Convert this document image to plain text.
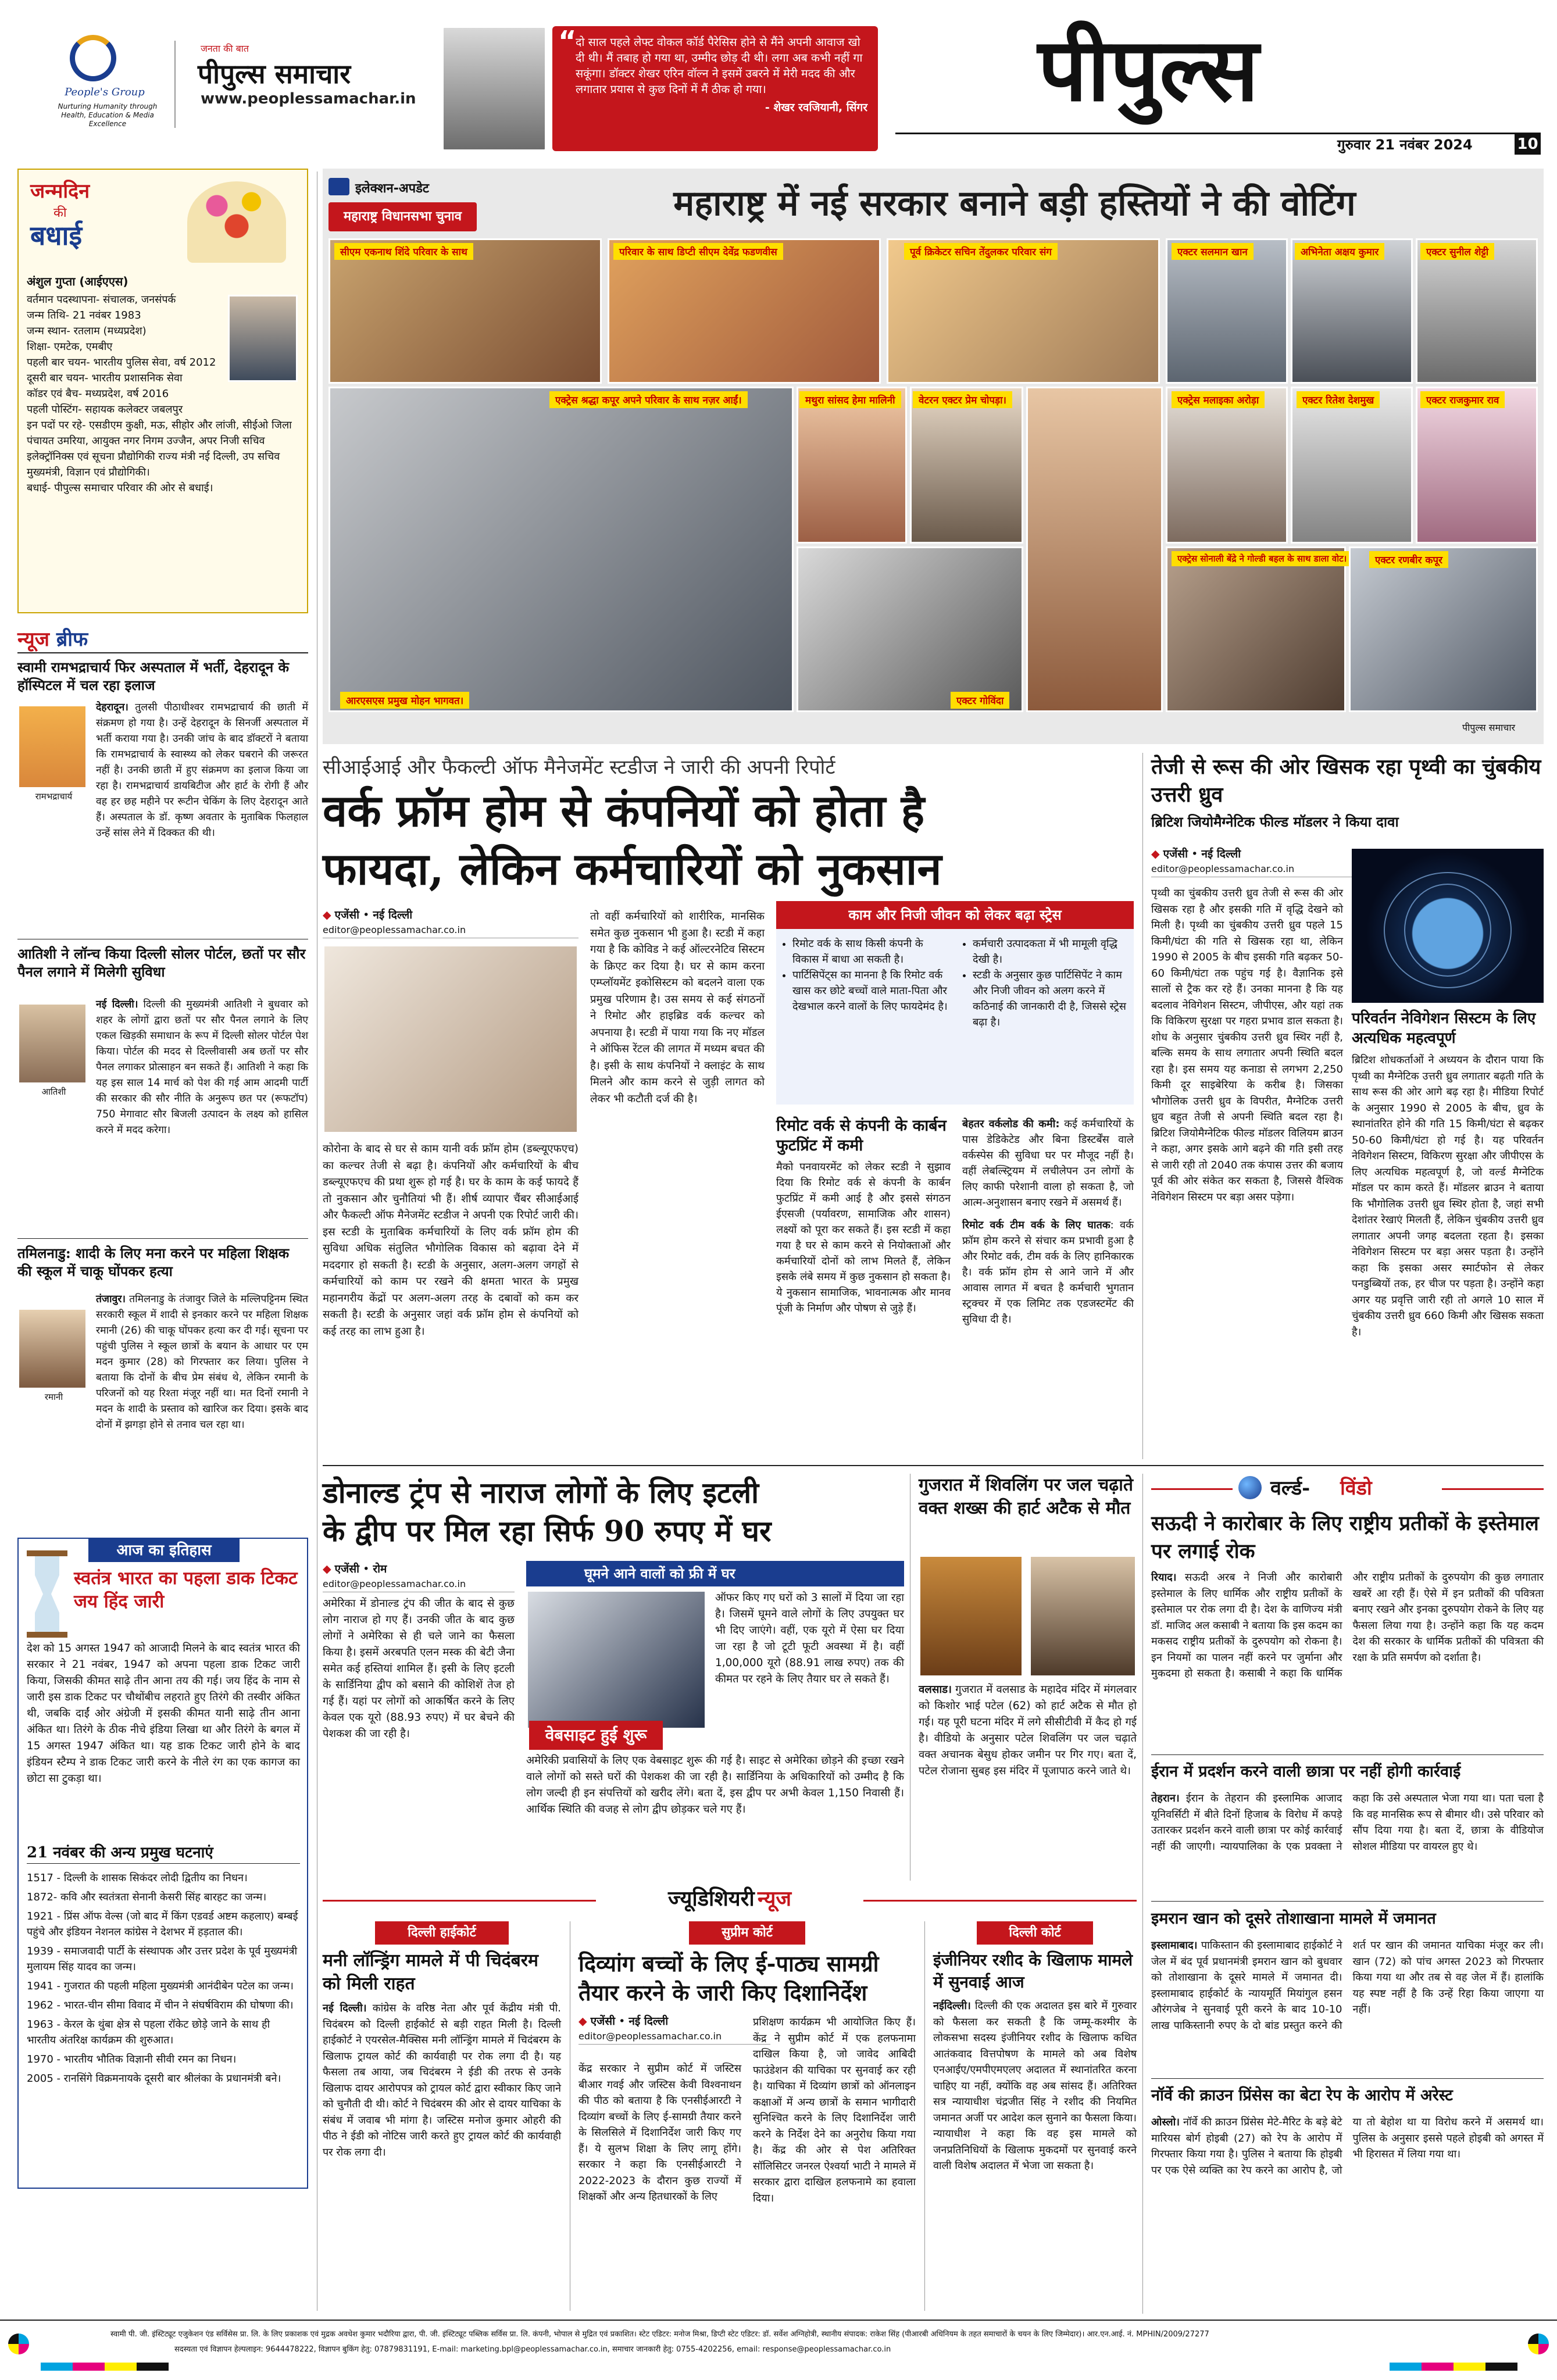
People's Group
Nurturing Humanity through Health, Education & Media Excellence
पीपुल्स समाचार
जनता की बात
www.peoplessamachar.in
“
दो साल पहले लेफ्ट वोकल कॉर्ड पैरेसिस होने से मैंने अपनी आवाज खो दी थी। मैं तबाह हो गया था, उम्मीद छोड़ दी थी। लगा अब कभी नहीं गा सकूंगा। डॉक्टर शेखर एरिन वॉल्न ने इसमें उबरने में मेरी मदद की और लगातार प्रयास से कुछ दिनों में मैं ठीक हो गया।
- शेखर रवजियानी, सिंगर	पीपुल्स
गुरुवार 21 नवंबर 2024	10
जन्मदिन
की
बधाई
अंशुल गुप्ता (आईएएस)
वर्तमान पदस्थापना- संचालक, जनसंपर्क
जन्म तिथि- 21 नवंबर 1983
जन्म स्थान- रतलाम (मध्यप्रदेश)
शिक्षा- एमटेक, एमबीए
पहली बार चयन- भारतीय पुलिस सेवा, वर्ष 2012
दूसरी बार चयन- भारतीय प्रशासनिक सेवा
कॉडर एवं बैच- मध्यप्रदेश, वर्ष 2016
पहली पोस्टिंग- सहायक कलेक्टर जबलपुर
इन पदों पर रहे- एसडीएम कुक्षी, मऊ, सीहोर और लांजी, सीईओ जिला पंचायत उमरिया, आयुक्त नगर निगम उज्जैन, अपर निजी सचिव इलेक्ट्रॉनिक्स एवं सूचना प्रौद्योगिकी राज्य मंत्री नई दिल्ली, उप सचिव मुख्यमंत्री, विज्ञान एवं प्रौद्योगिकी।
बधाई- पीपुल्स समाचार परिवार की ओर से बधाई।
न्यूज ब्रीफ
स्वामी रामभद्राचार्य फिर अस्पताल में भर्ती, देहरादून के हॉस्पिटल में चल रहा इलाज
रामभद्राचार्य
देहरादून। तुलसी पीठाधीश्वर रामभद्राचार्य की छाती में संक्रमण हो गया है। उन्हें देहरादून के सिनर्जी अस्पताल में भर्ती कराया गया है। उनकी जांच के बाद डॉक्टरों ने बताया कि रामभद्राचार्य के स्वास्थ्य को लेकर घबराने की जरूरत नहीं है। उनकी छाती में हुए संक्रमण का इलाज किया जा रहा है। रामभद्राचार्य डायबिटीज और हार्ट के रोगी हैं और वह हर छह महीने पर रूटीन चेकिंग के लिए देहरादून आते हैं। अस्पताल के डॉ. कृष्ण अवतार के मुताबिक फिलहाल उन्हें सांस लेने में दिक्कत की थी।
आतिशी ने लॉन्च किया दिल्ली सोलर पोर्टल, छतों पर सौर पैनल लगाने में मिलेगी सुविधा
आतिशी
नई दिल्ली। दिल्ली की मुख्यमंत्री आतिशी ने बुधवार को शहर के लोगों द्वारा छतों पर सौर पैनल लगाने के लिए एकल खिड़की समाधान के रूप में दिल्ली सोलर पोर्टल पेश किया। पोर्टल की मदद से दिल्लीवासी अब छतों पर सौर पैनल लगाकर प्रोत्साहन बन सकते हैं। आतिशी ने कहा कि यह इस साल 14 मार्च को पेश की गई आम आदमी पार्टी की सरकार की सौर नीति के अनुरूप छत पर (रूफटॉप) 750 मेगावाट सौर बिजली उत्पादन के लक्ष्य को हासिल करने में मदद करेगा।
तमिलनाडु: शादी के लिए मना करने पर महिला शिक्षक की स्कूल में चाकू घोंपकर हत्या
रमानी
तंजावुर। तमिलनाडु के तंजावुर जिले के मल्लिपट्टिनम स्थित सरकारी स्कूल में शादी से इनकार करने पर महिला शिक्षक रमानी (26) की चाकू घोंपकर हत्या कर दी गई। सूचना पर पहुंची पुलिस ने स्कूल छात्रों के बयान के आधार पर एम मदन कुमार (28) को गिरफ्तार कर लिया। पुलिस ने बताया कि दोनों के बीच प्रेम संबंध थे, लेकिन रमानी के परिजनों को यह रिश्ता मंजूर नहीं था। मत दिनों रमानी ने मदन के शादी के प्रस्ताव को खारिज कर दिया। इसके बाद दोनों में झगड़ा होने से तनाव चल रहा था।
आज का इतिहास
स्वतंत्र भारत का पहला डाक टिकट जय हिंद जारी
देश को 15 अगस्त 1947 को आजादी मिलने के बाद स्वतंत्र भारत की सरकार ने 21 नवंबर, 1947 को अपना पहला डाक टिकट जारी किया, जिसकी कीमत साढ़े तीन आना तय की गई। जय हिंद के नाम से जारी इस डाक टिकट पर चौथोंबीच लहराते हुए तिरंगे की तस्वीर अंकित थी, जबकि दाईं ओर अंग्रेजी में इसकी कीमत यानी साढ़े तीन आना अंकित था। तिरंगे के ठीक नीचे इंडिया लिखा था और तिरंगे के बगल में 15 अगस्त 1947 अंकित था। यह डाक टिकट जारी होने के बाद इंडियन स्टैम्प ने डाक टिकट जारी करने के नीले रंग का एक कागज का छोटा सा टुकड़ा था।
21 नवंबर की अन्य प्रमुख घटनाएं
1517 - दिल्ली के शासक सिकंदर लोदी द्वितीय का निधन।
1872- कवि और स्वतंत्रता सेनानी केसरी सिंह बारहट का जन्म।
1921 - प्रिंस ऑफ वेल्स (जो बाद में किंग एडवर्ड अष्टम कहलाए) बम्बई पहुंचे और इंडियन नेशनल कांग्रेस ने देशभर में हड़ताल की।
1939 - समाजवादी पार्टी के संस्थापक और उत्तर प्रदेश के पूर्व मुख्यमंत्री मुलायम सिंह यादव का जन्म।
1941 - गुजरात की पहली महिला मुख्यमंत्री आनंदीबेन पटेल का जन्म।
1962 - भारत-चीन सीमा विवाद में चीन ने संघर्षविराम की घोषणा की।
1963 - केरल के थुंबा क्षेत्र से पहला रॉकेट छोड़े जाने के साथ ही भारतीय अंतरिक्ष कार्यक्रम की शुरुआत।
1970 - भारतीय भौतिक विज्ञानी सीवी रमन का निधन।
2005 - रानसिंगे विक्रमनायके दूसरी बार श्रीलंका के प्रधानमंत्री बने।
इलेक्शन-अपडेट
महाराष्ट्र विधानसभा चुनाव	महाराष्ट्र में नई सरकार बनाने बड़ी हस्तियों ने की वोटिंग
सीएम एकनाथ शिंदे परिवार के साथ	परिवार के साथ डिप्टी सीएम देवेंद्र फडणवीस	पूर्व क्रिकेटर सचिन तेंदुलकर परिवार संग	एक्टर सलमान खान	अभिनेता अक्षय कुमार	एक्टर सुनील शेट्टी
एक्ट्रेस मलाइका अरोड़ा	एक्टर रितेश देशमुख	एक्टर राजकुमार राव
एक्ट्रेस श्रद्धा कपूर अपने परिवार के साथ नज़र आईं।
आरएसएस प्रमुख मोहन भागवत।
मथुरा सांसद हेमा मालिनी	वेटरन एक्टर प्रेम चोपड़ा।
एक्टर गोविंदा
एक्ट्रेस सोनाली बेंद्रे ने गोल्डी बहल के साथ डाला वोट।	एक्टर रणबीर कपूर
पीपुल्स समाचार
सीआईआई और फैकल्टी ऑफ मैनेजमेंट स्टडीज ने जारी की अपनी रिपोर्ट
वर्क फ्रॉम होम से कंपनियों को होता है
फायदा, लेकिन कर्मचारियों को नुकसान
◆ एजेंसी • नई दिल्ली
editor@peoplessamachar.co.in

कोरोना के बाद से घर से काम यानी वर्क फ्रॉम होम (डब्ल्यूएफएच) का कल्चर तेजी से बढ़ा है। कंपनियों और कर्मचारियों के बीच डब्ल्यूएफएच की प्रथा शुरू हो गई है। घर के काम के कई फायदे हैं तो नुकसान और चुनौतियां भी हैं। शीर्ष व्यापार चैंबर सीआईआई और फैकल्टी ऑफ मैनेजमेंट स्टडीज ने अपनी एक रिपोर्ट जारी की। इस स्टडी के मुताबिक कर्मचारियों के लिए वर्क फ्रॉम होम की सुविधा अधिक संतुलित भौगोलिक विकास को बढ़ावा देने में मददगार हो सकती है। स्टडी के अनुसार, अलग-अलग जगहों से कर्मचारियों को काम पर रखने की क्षमता भारत के प्रमुख महानगरीय केंद्रों पर अलग-अलग तरह के दबावों को कम कर सकती है। स्टडी के अनुसार जहां वर्क फ्रॉम होम से कंपनियों को कई तरह का लाभ हुआ है।

तो वहीं कर्मचारियों को शारीरिक, मानसिक समेत कुछ नुकसान भी हुआ है। स्टडी में कहा गया है कि कोविड ने कई ऑल्टरनेटिव सिस्टम के क्रिएट कर दिया है। घर से काम करना एम्प्लॉयमेंट इकोसिस्टम को बदलने वाला एक प्रमुख परिणाम है। उस समय से कई संगठनों ने रिमोट और हाइब्रिड वर्क कल्चर को अपनाया है। स्टडी में पाया गया कि नए मॉडल ने ऑफिस रेंटल की लागत में मध्यम बचत की है। इसी के साथ कंपनियों ने क्लाइंट के साथ मिलने और काम करने से जुड़ी लागत को लेकर भी कटौती दर्ज की है।

काम और निजी जीवन को लेकर बढ़ा स्ट्रेस
• रिमोट वर्क के साथ किसी कंपनी के विकास में बाधा आ सकती है।
• पार्टिसिपेंट्स का मानना है कि रिमोट वर्क खास कर छोटे बच्चों वाले माता-पिता और देखभाल करने वालों के लिए फायदेमंद है।
• कर्मचारी उत्पादकता में भी मामूली वृद्धि देखी है।
• स्टडी के अनुसार कुछ पार्टिसिपेंट ने काम और निजी जीवन को अलग करने में कठिनाई की जानकारी दी है, जिससे स्ट्रेस बढ़ा है।
रिमोट वर्क से कंपनी के कार्बन फुटप्रिंट में कमी

मैको पनवायरमेंट को लेकर स्टडी ने सुझाव दिया कि रिमोट वर्क से कंपनी के कार्बन फुटप्रिंट में कमी आई है और इससे संगठन ईएसजी (पर्यावरण, सामाजिक और शासन) लक्ष्यों को पूरा कर सकते हैं। इस स्टडी में कहा गया है घर से काम करने से नियोक्ताओं और कर्मचारियों दोनों को लाभ मिलते हैं, लेकिन इसके लंबे समय में कुछ नुकसान हो सकता है। ये नुकसान सामाजिक, भावनात्मक और मानव पूंजी के निर्माण और पोषण से जुड़े हैं।

बेहतर वर्कलोड की कमी: कई कर्मचारियों के पास डेडिकेटेड और बिना डिस्टर्बेंस वाले वर्कस्पेस की सुविधा घर पर मौजूद नहीं है। वहीं लेबल्स्ट्रियम में लचीलेपन उन लोगों के लिए काफी परेशानी वाला हो सकता है, जो आत्म-अनुशासन बनाए रखने में असमर्थ हैं।

रिमोट वर्क टीम वर्क के लिए घातक: वर्क फ्रॉम होम करने से संचार कम प्रभावी हुआ है और रिमोट वर्क, टीम वर्क के लिए हानिकारक है। वर्क फ्रॉम होम से आने जाने में और आवास लागत में बचत है कर्मचारी भुगतान स्ट्रक्चर में एक लिमिट तक एडजस्टमेंट की सुविधा दी है।

तेजी से रूस की ओर खिसक रहा पृथ्वी का चुंबकीय उत्तरी ध्रुव
ब्रिटिश जियोमैग्नेटिक फील्ड मॉडलर ने किया दावा
◆ एजेंसी • नई दिल्ली
editor@peoplessamachar.co.in

पृथ्वी का चुंबकीय उत्तरी ध्रुव तेजी से रूस की ओर खिसक रहा है और इसकी गति में वृद्धि देखने को मिली है। पृथ्वी का चुंबकीय उत्तरी ध्रुव पहले 15 किमी/घंटा की गति से खिसक रहा था, लेकिन 1990 से 2005 के बीच इसकी गति बढ़कर 50-60 किमी/घंटा तक पहुंच गई है। वैज्ञानिक इसे सालों से ट्रैक कर रहे हैं। उनका मानना है कि यह बदलाव नेविगेशन सिस्टम, जीपीएस, और यहां तक कि विकिरण सुरक्षा पर गहरा प्रभाव डाल सकता है। शोध के अनुसार चुंबकीय उत्तरी ध्रुव स्थिर नहीं है, बल्कि समय के साथ लगातार अपनी स्थिति बदल रहा है। इस समय यह कनाडा से लगभग 2,250 किमी दूर साइबेरिया के करीब है। जिसका भौगोलिक उत्तरी ध्रुव के विपरीत, मैग्नेटिक उत्तरी ध्रुव बहुत तेजी से अपनी स्थिति बदल रहा है। ब्रिटिश जियोमैग्नेटिक फील्ड मॉडलर विलियम ब्राउन ने कहा, अगर इसके आगे बढ़ने की गति इसी तरह से जारी रही तो 2040 तक कंपास उत्तर की बजाय पूर्व की ओर संकेत कर सकता है, जिससे वैश्विक नेविगेशन सिस्टम पर बड़ा असर पड़ेगा।

परिवर्तन नेविगेशन सिस्टम के लिए अत्यधिक महत्वपूर्ण

ब्रिटिश शोधकर्ताओं ने अध्ययन के दौरान पाया कि पृथ्वी का मैग्नेटिक उत्तरी ध्रुव लगातार बढ़ती गति के साथ रूस की ओर आगे बढ़ रहा है। मीडिया रिपोर्ट के अनुसार 1990 से 2005 के बीच, ध्रुव के स्थानांतरित होने की गति 15 किमी/घंटा से बढ़कर 50-60 किमी/घंटा हो गई है। यह परिवर्तन नेविगेशन सिस्टम, विकिरण सुरक्षा और जीपीएस के लिए अत्यधिक महत्वपूर्ण है, जो वर्ल्ड मैग्नेटिक मॉडल पर काम करते हैं। मॉडलर ब्राउन ने बताया कि भौगोलिक उत्तरी ध्रुव स्थिर होता है, जहां सभी देशांतर रेखाएं मिलती हैं, लेकिन चुंबकीय उत्तरी ध्रुव लगातार अपनी जगह बदलता रहता है। इसका नेविगेशन सिस्टम पर बड़ा असर पड़ता है। उन्होंने कहा कि इसका असर स्मार्टफोन से लेकर पनडुब्बियों तक, हर चीज पर पड़ता है। उन्होंने कहा अगर यह प्रवृत्ति जारी रही तो अगले 10 साल में चुंबकीय उत्तरी ध्रुव 660 किमी और खिसक सकता है।

डोनाल्ड ट्रंप से नाराज लोगों के लिए इटली
के द्वीप पर मिल रहा सिर्फ 90 रुपए में घर
◆ एजेंसी • रोम
editor@peoplessamachar.co.in

अमेरिका में डोनाल्ड ट्रंप की जीत के बाद से कुछ लोग नाराज हो गए हैं। उनकी जीत के बाद कुछ लोगों ने अमेरिका से ही चले जाने का फैसला किया है। इसमें अरबपति एलन मस्क की बेटी जैना समेत कई हस्तियां शामिल हैं। इसी के लिए इटली के सार्डिनिया द्वीप को बसाने की कोशिशें तेज हो गई हैं। यहां पर लोगों को आकर्षित करने के लिए केवल एक यूरो (88.93 रुपए) में घर बेचने की पेशकश की जा रही है।

घूमने आने वालों को फ्री में घर

ऑफर किए गए घरों को 3 सालों में दिया जा रहा है। जिसमें घूमने वाले लोगों के लिए उपयुक्त घर भी दिए जाएंगे। वहीं, एक यूरो में ऐसा घर दिया जा रहा है जो टूटी फूटी अवस्था में है। वहीं 1,00,000 यूरो (88.91 लाख रुपए) तक की कीमत पर रहने के लिए तैयार घर ले सकते हैं।

वेबसाइट हुई शुरू

अमेरिकी प्रवासियों के लिए एक वेबसाइट शुरू की गई है। साइट से अमेरिका छोड़ने की इच्छा रखने वाले लोगों को सस्ते घरों की पेशकश की जा रही है। सार्डिनिया के अधिकारियों को उम्मीद है कि लोग जल्दी ही इन संपत्तियों को खरीद लेंगे। बता दें, इस द्वीप पर अभी केवल 1,150 निवासी हैं। आर्थिक स्थिति की वजह से लोग द्वीप छोड़कर चले गए हैं।

गुजरात में शिवलिंग पर जल चढ़ाते वक्त शख्स की हार्ट अटैक से मौत

वलसाड। गुजरात में वलसाड के महादेव मंदिर में मंगलवार को किशोर भाई पटेल (62) को हार्ट अटैक से मौत हो गई। यह पूरी घटना मंदिर में लगे सीसीटीवी में कैद हो गई है। वीडियो के अनुसार पटेल शिवलिंग पर जल चढ़ाते वक्त अचानक बेसुध होकर जमीन पर गिर गए। बता दें, पटेल रोजाना सुबह इस मंदिर में पूजापाठ करने जाते थे।

वर्ल्ड- विंडो
सऊदी ने कारोबार के लिए राष्ट्रीय प्रतीकों के इस्तेमाल पर लगाई रोक
रियाद। सऊदी अरब ने निजी और कारोबारी इस्तेमाल के लिए धार्मिक और राष्ट्रीय प्रतीकों के इस्तेमाल पर रोक लगा दी है। देश के वाणिज्य मंत्री डॉ. माजिद अल कसाबी ने बताया कि इस कदम का मकसद राष्ट्रीय प्रतीकों के दुरुपयोग को रोकना है। इन नियमों का पालन नहीं करने पर जुर्माना और मुकदमा हो सकता है। कसाबी ने कहा कि धार्मिक और राष्ट्रीय प्रतीकों के दुरुपयोग की कुछ लगातार खबरें आ रही हैं। ऐसे में इन प्रतीकों की पवित्रता बनाए रखने और इनका दुरुपयोग रोकने के लिए यह फैसला लिया गया है। उन्होंने कहा कि यह कदम देश की सरकार के धार्मिक प्रतीकों की पवित्रता की रक्षा के प्रति समर्पण को दर्शाता है।
ईरान में प्रदर्शन करने वाली छात्रा पर नहीं होगी कार्रवाई
तेहरान। ईरान के तेहरान की इस्लामिक आजाद यूनिवर्सिटी में बीते दिनों हिजाब के विरोध में कपड़े उतारकर प्रदर्शन करने वाली छात्रा पर कोई कार्रवाई नहीं की जाएगी। न्यायपालिका के एक प्रवक्ता ने कहा कि उसे अस्पताल भेजा गया था। पता चला है कि वह मानसिक रूप से बीमार थी। उसे परिवार को सौंप दिया गया है। बता दें, छात्रा के वीडियोज सोशल मीडिया पर वायरल हुए थे।
इमरान खान को दूसरे तोशाखाना मामले में जमानत
इस्लामाबाद। पाकिस्तान की इस्लामाबाद हाईकोर्ट ने जेल में बंद पूर्व प्रधानमंत्री इमरान खान को बुधवार को तोशाखाना के दूसरे मामले में जमानत दी। इस्लामाबाद हाईकोर्ट के न्यायमूर्ति मियांगुल हसन औरंगजेब ने सुनवाई पूरी करने के बाद 10-10 लाख पाकिस्तानी रुपए के दो बांड प्रस्तुत करने की शर्त पर खान की जमानत याचिका मंजूर कर ली। खान (72) को पांच अगस्त 2023 को गिरफ्तार किया गया था और तब से वह जेल में हैं। हालांकि यह स्पष्ट नहीं है कि उन्हें रिहा किया जाएगा या नहीं।
नॉर्वे की क्राउन प्रिंसेस का बेटा रेप के आरोप में अरेस्ट
ओस्लो। नॉर्वे की क्राउन प्रिंसेस मेटे-मैरिट के बड़े बेटे मारियस बोर्ग होइबी (27) को रेप के आरोप में गिरफ्तार किया गया है। पुलिस ने बताया कि होइबी पर एक ऐसे व्यक्ति का रेप करने का आरोप है, जो या तो बेहोश था या विरोध करने में असमर्थ था। पुलिस के अनुसार इससे पहले होइबी को अगस्त में भी हिरासत में लिया गया था।
ज्यूडिशियरी न्यूज
दिल्ली हाईकोर्ट
मनी लॉन्ड्रिंग मामले में पी चिदंबरम को मिली राहत

नई दिल्ली। कांग्रेस के वरिष्ठ नेता और पूर्व केंद्रीय मंत्री पी. चिदंबरम को दिल्ली हाईकोर्ट से बड़ी राहत मिली है। दिल्ली हाईकोर्ट ने एयरसेल-मैक्सिस मनी लॉन्ड्रिंग मामले में चिदंबरम के खिलाफ ट्रायल कोर्ट की कार्यवाही पर रोक लगा दी है। यह फैसला तब आया, जब चिदंबरम ने ईडी की तरफ से उनके खिलाफ दायर आरोपपत्र को ट्रायल कोर्ट द्वारा स्वीकार किए जाने को चुनौती दी थी। कोर्ट ने चिदंबरम की ओर से दायर याचिका के संबंध में जवाब भी मांगा है। जस्टिस मनोज कुमार ओहरी की पीठ ने ईडी को नोटिस जारी करते हुए ट्रायल कोर्ट की कार्यवाही पर रोक लगा दी।

सुप्रीम कोर्ट
दिव्यांग बच्चों के लिए ई-पाठ्य सामग्री तैयार करने के जारी किए दिशानिर्देश
◆ एजेंसी • नई दिल्ली
editor@peoplessamachar.co.in

केंद्र सरकार ने सुप्रीम कोर्ट में जस्टिस बीआर गवई और जस्टिस केवी विश्वनाथन की पीठ को बताया है कि एनसीईआरटी ने दिव्यांग बच्चों के लिए ई-सामग्री तैयार करने के सिलसिले में दिशानिर्देश जारी किए गए हैं। ये सुलभ शिक्षा के लिए लागू होंगे। सरकार ने कहा कि एनसीईआरटी ने 2022-2023 के दौरान कुछ राज्यों में शिक्षकों और अन्य हितधारकों के लिए

प्रशिक्षण कार्यक्रम भी आयोजित किए हैं। केंद्र ने सुप्रीम कोर्ट में एक हलफनामा दाखिल किया है, जो जावेद आबिदी फाउंडेशन की याचिका पर सुनवाई कर रही है। याचिका में दिव्यांग छात्रों को ऑनलाइन कक्षाओं में अन्य छात्रों के समान भागीदारी सुनिश्चित करने के लिए दिशानिर्देश जारी करने के निर्देश देने का अनुरोध किया गया है। केंद्र की ओर से पेश अतिरिक्त सॉलिसिटर जनरल ऐश्वर्या भाटी ने मामले में सरकार द्वारा दाखिल हलफनामे का हवाला दिया।

दिल्ली कोर्ट
इंजीनियर रशीद के खिलाफ मामले में सुनवाई आज

नईदिल्ली। दिल्ली की एक अदालत इस बारे में गुरुवार को फैसला कर सकती है कि जम्मू-कश्मीर के लोकसभा सदस्य इंजीनियर रशीद के खिलाफ कथित आतंकवाद वित्तपोषण के मामले को अब विशेष एनआईए/एमपीएमएलए अदालत में स्थानांतरित करना चाहिए या नहीं, क्योंकि वह अब सांसद हैं। अतिरिक्त सत्र न्यायाधीश चंद्रजीत सिंह ने रशीद की नियमित जमानत अर्जी पर आदेश कल सुनाने का फैसला किया। न्यायाधीश ने कहा कि वह इस मामले को जनप्रतिनिधियों के खिलाफ मुकदमों पर सुनवाई करने वाली विशेष अदालत में भेजा जा सकता है।

स्वामी पी. जी. इंस्टिट्यूट एजुकेशन एंड सर्विसेस प्रा. लि. के लिए प्रकाशक एवं मुद्रक अवधेश कुमार भदौरिया द्वारा, पी. जी. इंस्टिट्यूट पब्लिक सर्विस प्रा. लि. कंपनी, भोपाल से मुद्रित एवं प्रकाशित। स्टेट एडिटर: मनोज मिश्रा, डिप्टी स्टेट एडिटर: डॉ. सर्वेश अग्निहोत्री, स्थानीय संपादक: राकेश सिंह (पीआरबी अधिनियम के तहत समाचारों के चयन के लिए जिम्मेदार)। आर.एन.आई. नं. MPHIN/2009/27277
सदस्यता एवं विज्ञापन हेल्पलाइन: 9644478222, विज्ञापन बुकिंग हेतु: 07879831191, E-mail: marketing.bpl@peoplessamachar.co.in, समाचार जानकारी हेतु: 0755-4202256, email: response@peoplessamachar.co.in
